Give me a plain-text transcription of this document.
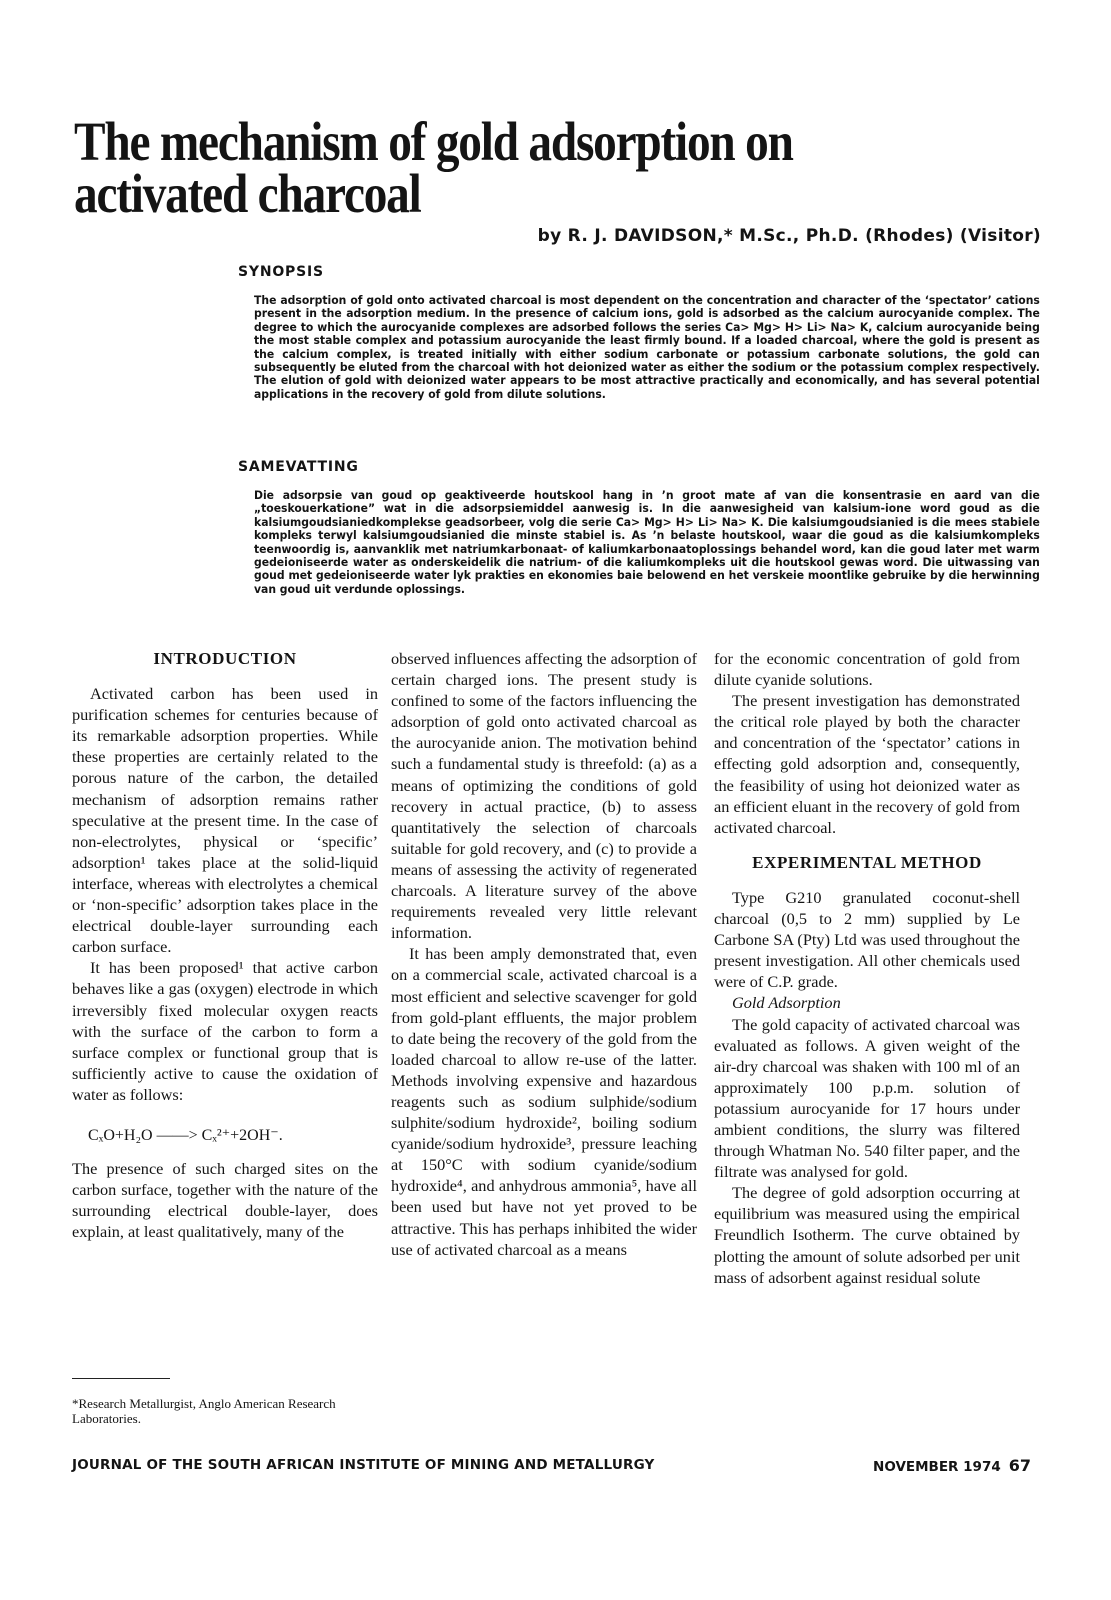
The mechanism of gold adsorption on activated charcoal

by R. J. DAVIDSON,* M.Sc., Ph.D. (Rhodes) (Visitor)

SYNOPSIS

The adsorption of gold onto activated charcoal is most dependent on the concentration and character of the ‘spectator’ cations present in the adsorption medium. In the presence of calcium ions, gold is adsorbed as the calcium aurocyanide complex. The degree to which the aurocyanide complexes are adsorbed follows the series Ca> Mg> H> Li> Na> K, calcium aurocyanide being the most stable complex and potassium aurocyanide the least firmly bound. If a loaded charcoal, where the gold is present as the calcium complex, is treated initially with either sodium carbonate or potassium carbonate solutions, the gold can subsequently be eluted from the charcoal with hot deionized water as either the sodium or the potassium complex respectively. The elution of gold with deionized water appears to be most attractive practically and economically, and has several potential applications in the recovery of gold from dilute solutions.

SAMEVATTING

Die adsorpsie van goud op geaktiveerde houtskool hang in ’n groot mate af van die konsentrasie en aard van die „toeskouerkatione” wat in die adsorpsiemiddel aanwesig is. In die aanwesigheid van kalsium-ione word goud as die kalsiumgoudsianiedkomplekse geadsorbeer, volg die serie Ca> Mg> H> Li> Na> K. Die kalsiumgoudsianied is die mees stabiele kompleks terwyl kalsiumgoudsianied die minste stabiel is. As ’n belaste houtskool, waar die goud as die kalsiumkompleks teenwoordig is, aanvanklik met natriumkarbonaat- of kaliumkarbonaatoplossings behandel word, kan die goud later met warm gedeioniseerde water as onderskeidelik die natrium- of die kaliumkompleks uit die houtskool gewas word. Die uitwassing van goud met gedeioniseerde water lyk prakties en ekonomies baie belowend en het verskeie moontlike gebruike by die herwinning van goud uit verdunde oplossings.

INTRODUCTION

Activated carbon has been used in purification schemes for centuries because of its remarkable adsorption properties. While these properties are certainly related to the porous nature of the carbon, the detailed mechanism of adsorption remains rather speculative at the present time. In the case of non-electrolytes, physical or ‘specific’ adsorption¹ takes place at the solid-liquid interface, whereas with electrolytes a chemical or ‘non-specific’ adsorption takes place in the electrical double-layer surrounding each carbon surface.

It has been proposed¹ that active carbon behaves like a gas (oxygen) electrode in which irreversibly fixed molecular oxygen reacts with the surface of the carbon to form a surface complex or functional group that is sufficiently active to cause the oxidation of water as follows:

CₓO+H₂O ——> Cₓ²⁺+2OH⁻.

The presence of such charged sites on the carbon surface, together with the nature of the surrounding electrical double-layer, does explain, at least qualitatively, many of the

*Research Metallurgist, Anglo American Research Laboratories.

observed influences affecting the adsorption of certain charged ions. The present study is confined to some of the factors influencing the adsorption of gold onto activated charcoal as the aurocyanide anion. The motivation behind such a fundamental study is threefold: (a) as a means of optimizing the conditions of gold recovery in actual practice, (b) to assess quantitatively the selection of charcoals suitable for gold recovery, and (c) to provide a means of assessing the activity of regenerated charcoals. A literature survey of the above requirements revealed very little relevant information.

It has been amply demonstrated that, even on a commercial scale, activated charcoal is a most efficient and selective scavenger for gold from gold-plant effluents, the major problem to date being the recovery of the gold from the loaded charcoal to allow re-use of the latter. Methods involving expensive and hazardous reagents such as sodium sulphide/sodium sulphite/sodium hydroxide², boiling sodium cyanide/sodium hydroxide³, pressure leaching at 150°C with sodium cyanide/sodium hydroxide⁴, and anhydrous ammonia⁵, have all been used but have not yet proved to be attractive. This has perhaps inhibited the wider use of activated charcoal as a means

for the economic concentration of gold from dilute cyanide solutions.

The present investigation has demonstrated the critical role played by both the character and concentration of the ‘spectator’ cations in effecting gold adsorption and, consequently, the feasibility of using hot deionized water as an efficient eluant in the recovery of gold from activated charcoal.

EXPERIMENTAL METHOD

Type G210 granulated coconut-shell charcoal (0,5 to 2 mm) supplied by Le Carbone SA (Pty) Ltd was used throughout the present investigation. All other chemicals used were of C.P. grade.

Gold Adsorption

The gold capacity of activated charcoal was evaluated as follows. A given weight of the air-dry charcoal was shaken with 100 ml of an approximately 100 p.p.m. solution of potassium aurocyanide for 17 hours under ambient conditions, the slurry was filtered through Whatman No. 540 filter paper, and the filtrate was analysed for gold.

The degree of gold adsorption occurring at equilibrium was measured using the empirical Freundlich Isotherm. The curve obtained by plotting the amount of solute adsorbed per unit mass of adsorbent against residual solute

JOURNAL OF THE SOUTH AFRICAN INSTITUTE OF MINING AND METALLURGY	NOVEMBER 1974 67
